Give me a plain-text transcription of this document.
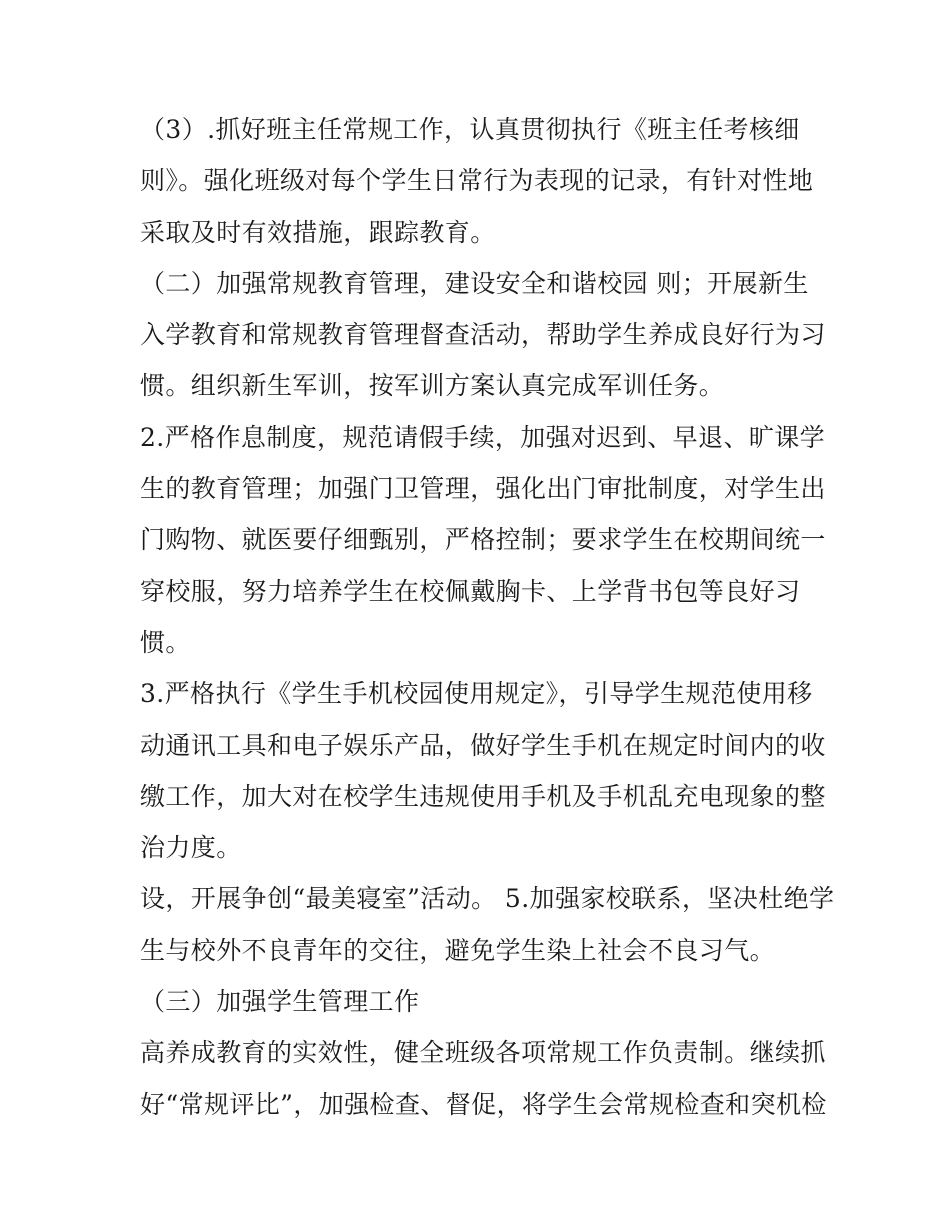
（3）.抓好班主任常规工作，认真贯彻执行《班主任考核细
则》。强化班级对每个学生日常行为表现的记录，有针对性地
采取及时有效措施，跟踪教育。
（二）加强常规教育管理，建设安全和谐校园 则；开展新生
入学教育和常规教育管理督查活动，帮助学生养成良好行为习
惯。组织新生军训，按军训方案认真完成军训任务。
2.严格作息制度，规范请假手续，加强对迟到、早退、旷课学
生的教育管理；加强门卫管理，强化出门审批制度，对学生出
门购物、就医要仔细甄别，严格控制；要求学生在校期间统一
穿校服，努力培养学生在校佩戴胸卡、上学背书包等良好习
惯。
3.严格执行《学生手机校园使用规定》，引导学生规范使用移
动通讯工具和电子娱乐产品，做好学生手机在规定时间内的收
缴工作，加大对在校学生违规使用手机及手机乱充电现象的整
治力度。
设，开展争创“最美寝室”活动。 5.加强家校联系，坚决杜绝学
生与校外不良青年的交往，避免学生染上社会不良习气。
（三）加强学生管理工作
高养成教育的实效性，健全班级各项常规工作负责制。继续抓
好“常规评比”，加强检查、督促，将学生会常规检查和突机检
